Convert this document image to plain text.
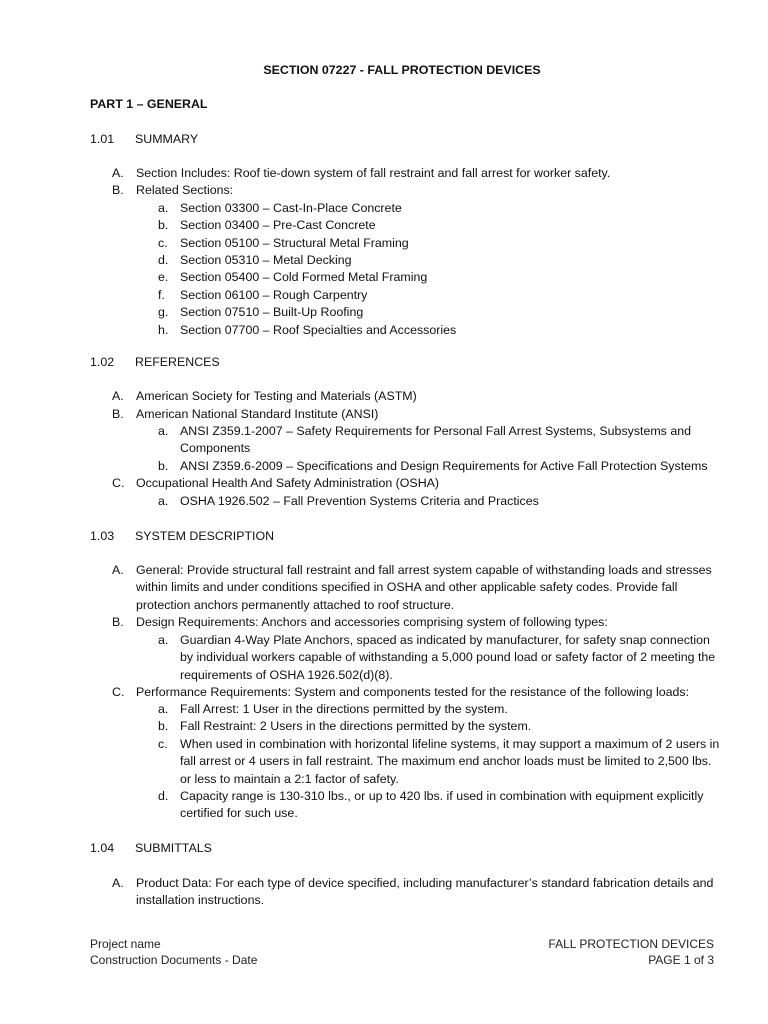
SECTION 07227 - FALL PROTECTION DEVICES
PART 1 – GENERAL
1.01 SUMMARY
A. Section Includes: Roof tie-down system of fall restraint and fall arrest for worker safety.
B. Related Sections:
a. Section 03300 – Cast-In-Place Concrete
b. Section 03400 – Pre-Cast Concrete
c. Section 05100 – Structural Metal Framing
d. Section 05310 – Metal Decking
e. Section 05400 – Cold Formed Metal Framing
f. Section 06100 – Rough Carpentry
g. Section 07510 – Built-Up Roofing
h. Section 07700 – Roof Specialties and Accessories
1.02 REFERENCES
A. American Society for Testing and Materials (ASTM)
B. American National Standard Institute (ANSI)
a. ANSI Z359.1-2007 – Safety Requirements for Personal Fall Arrest Systems, Subsystems and Components
b. ANSI Z359.6-2009 – Specifications and Design Requirements for Active Fall Protection Systems
C. Occupational Health And Safety Administration (OSHA)
a. OSHA 1926.502 – Fall Prevention Systems Criteria and Practices
1.03 SYSTEM DESCRIPTION
A. General: Provide structural fall restraint and fall arrest system capable of withstanding loads and stresses within limits and under conditions specified in OSHA and other applicable safety codes. Provide fall protection anchors permanently attached to roof structure.
B. Design Requirements: Anchors and accessories comprising system of following types:
a. Guardian 4-Way Plate Anchors, spaced as indicated by manufacturer, for safety snap connection by individual workers capable of withstanding a 5,000 pound load or safety factor of 2 meeting the requirements of OSHA 1926.502(d)(8).
C. Performance Requirements: System and components tested for the resistance of the following loads:
a. Fall Arrest: 1 User in the directions permitted by the system.
b. Fall Restraint: 2 Users in the directions permitted by the system.
c. When used in combination with horizontal lifeline systems, it may support a maximum of 2 users in fall arrest or 4 users in fall restraint. The maximum end anchor loads must be limited to 2,500 lbs. or less to maintain a 2:1 factor of safety.
d. Capacity range is 130-310 lbs., or up to 420 lbs. if used in combination with equipment explicitly certified for such use.
1.04 SUBMITTALS
A. Product Data: For each type of device specified, including manufacturer’s standard fabrication details and installation instructions.
Project name
Construction Documents - Date
FALL PROTECTION DEVICES
PAGE 1 of 3
